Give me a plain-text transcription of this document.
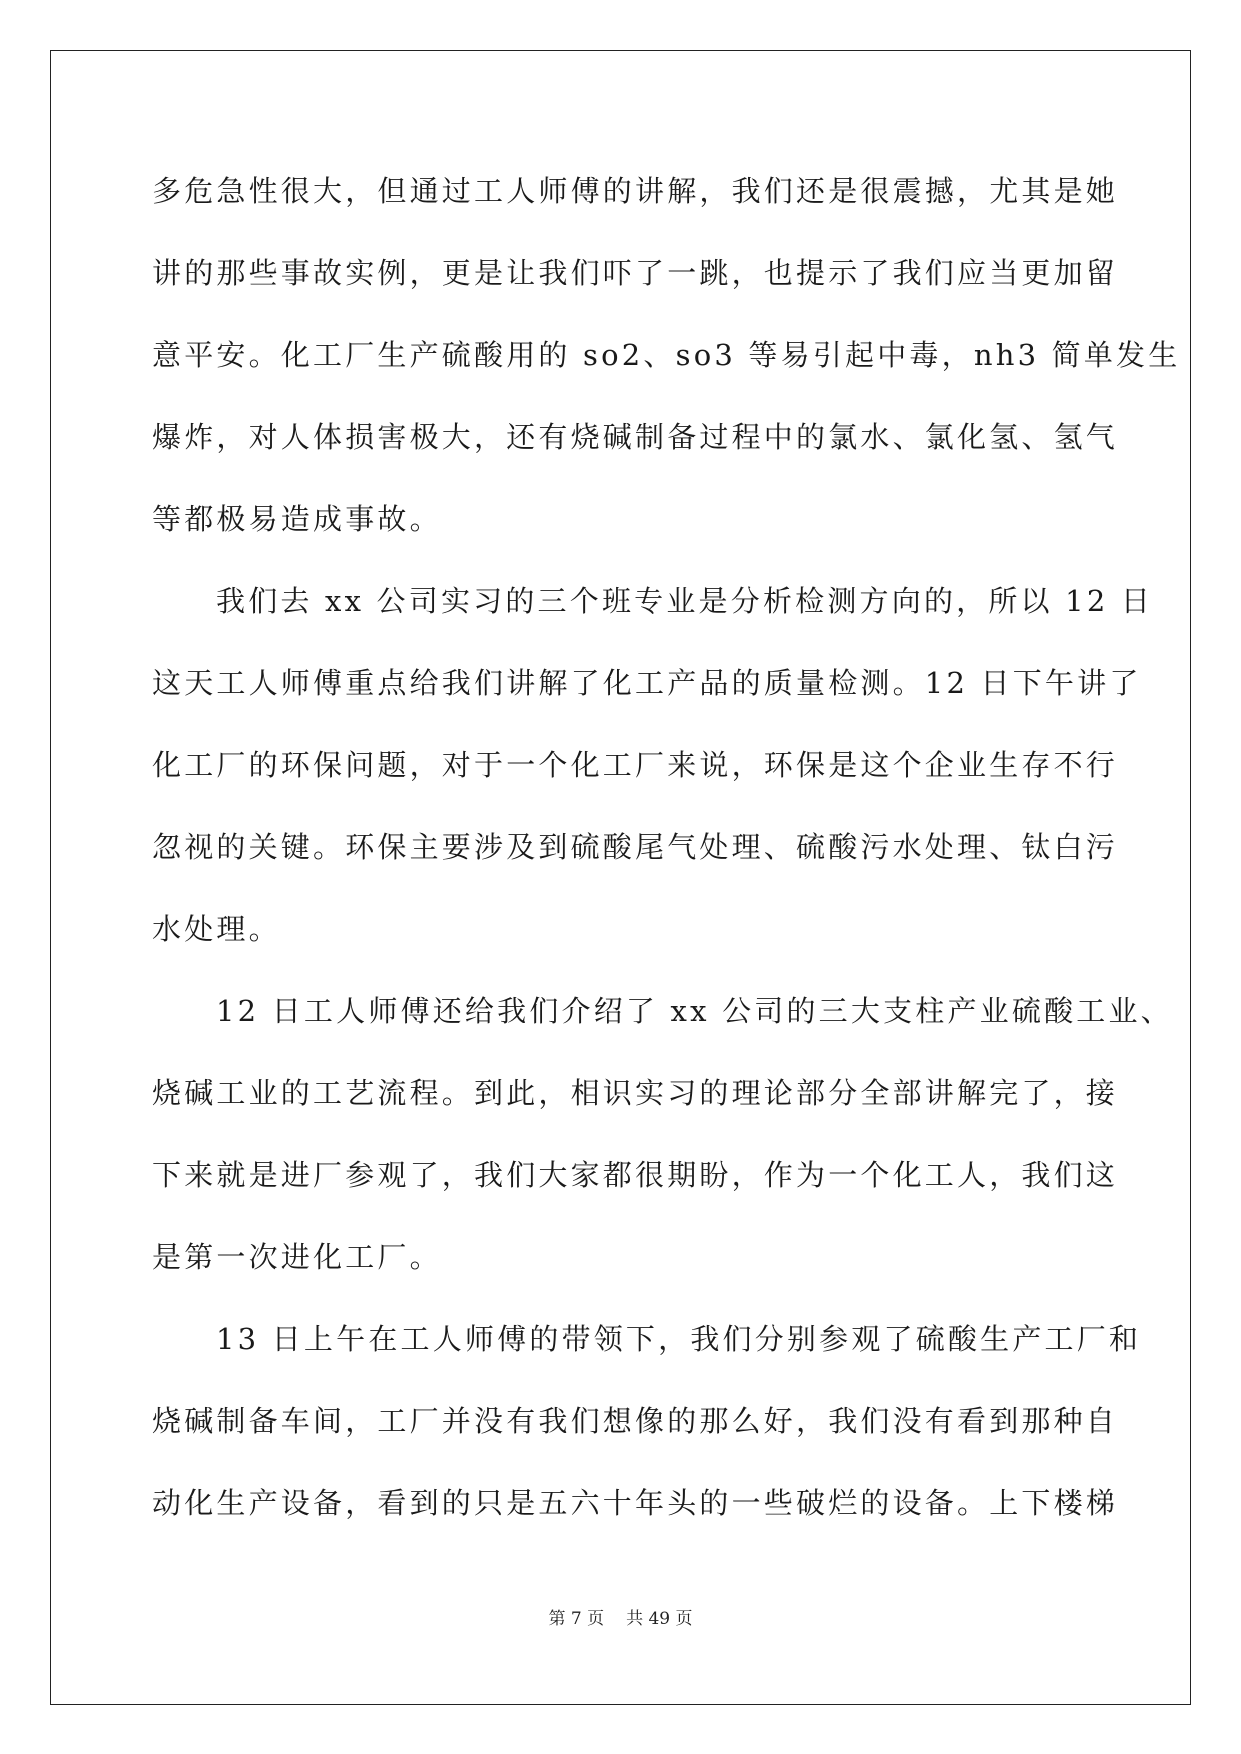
多危急性很大，但通过工人师傅的讲解，我们还是很震撼，尤其是她
讲的那些事故实例，更是让我们吓了一跳，也提示了我们应当更加留
意平安。化工厂生产硫酸用的 so2、so3 等易引起中毒，nh3 简单发生
爆炸，对人体损害极大，还有烧碱制备过程中的氯水、氯化氢、氢气
等都极易造成事故。
我们去 xx 公司实习的三个班专业是分析检测方向的，所以 12 日
这天工人师傅重点给我们讲解了化工产品的质量检测。12 日下午讲了
化工厂的环保问题，对于一个化工厂来说，环保是这个企业生存不行
忽视的关键。环保主要涉及到硫酸尾气处理、硫酸污水处理、钛白污
水处理。
12 日工人师傅还给我们介绍了 xx 公司的三大支柱产业硫酸工业、
烧碱工业的工艺流程。到此，相识实习的理论部分全部讲解完了，接
下来就是进厂参观了，我们大家都很期盼，作为一个化工人，我们这
是第一次进化工厂。
13 日上午在工人师傅的带领下，我们分别参观了硫酸生产工厂和
烧碱制备车间，工厂并没有我们想像的那么好，我们没有看到那种自
动化生产设备，看到的只是五六十年头的一些破烂的设备。上下楼梯
第 7 页 共 49 页
